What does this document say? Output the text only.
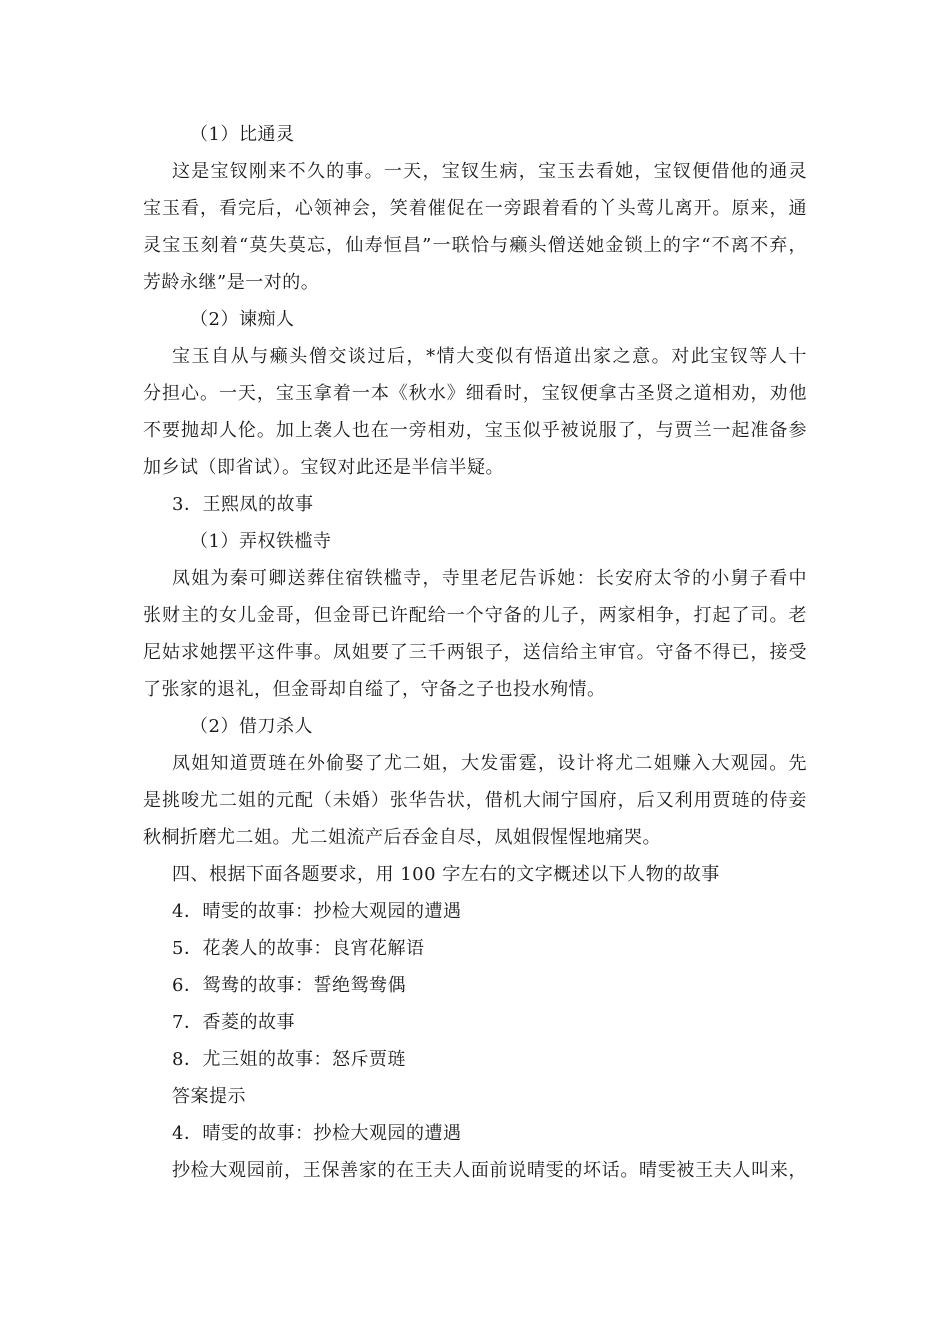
（1）比通灵
这是宝钗刚来不久的事。一天，宝钗生病，宝玉去看她，宝钗便借他的通灵
宝玉看，看完后，心领神会，笑着催促在一旁跟着看的丫头莺儿离开。原来，通
灵宝玉刻着“莫失莫忘，仙寿恒昌”一联恰与癞头僧送她金锁上的字“不离不弃，
芳龄永继”是一对的。
（2）谏痴人
宝玉自从与癞头僧交谈过后，*情大变似有悟道出家之意。对此宝钗等人十
分担心。一天，宝玉拿着一本《秋水》细看时，宝钗便拿古圣贤之道相劝，劝他
不要抛却人伦。加上袭人也在一旁相劝，宝玉似乎被说服了，与贾兰一起准备参
加乡试（即省试）。宝钗对此还是半信半疑。
3．王熙凤的故事
（1）弄权铁槛寺
凤姐为秦可卿送葬住宿铁槛寺，寺里老尼告诉她：长安府太爷的小舅子看中
张财主的女儿金哥，但金哥已许配给一个守备的儿子，两家相争，打起了司。老
尼姑求她摆平这件事。凤姐要了三千两银子，送信给主审官。守备不得已，接受
了张家的退礼，但金哥却自缢了，守备之子也投水殉情。
（2）借刀杀人
凤姐知道贾琏在外偷娶了尤二姐，大发雷霆，设计将尤二姐赚入大观园。先
是挑唆尤二姐的元配（未婚）张华告状，借机大闹宁国府，后又利用贾琏的侍妾
秋桐折磨尤二姐。尤二姐流产后吞金自尽，凤姐假惺惺地痛哭。
四、根据下面各题要求，用 100 字左右的文字概述以下人物的故事
4．晴雯的故事：抄检大观园的遭遇
5．花袭人的故事：良宵花解语
6．鸳鸯的故事：誓绝鸳鸯偶
7．香菱的故事
8．尤三姐的故事：怒斥贾琏
答案提示
4．晴雯的故事：抄检大观园的遭遇
抄检大观园前，王保善家的在王夫人面前说晴雯的坏话。晴雯被王夫人叫来，
